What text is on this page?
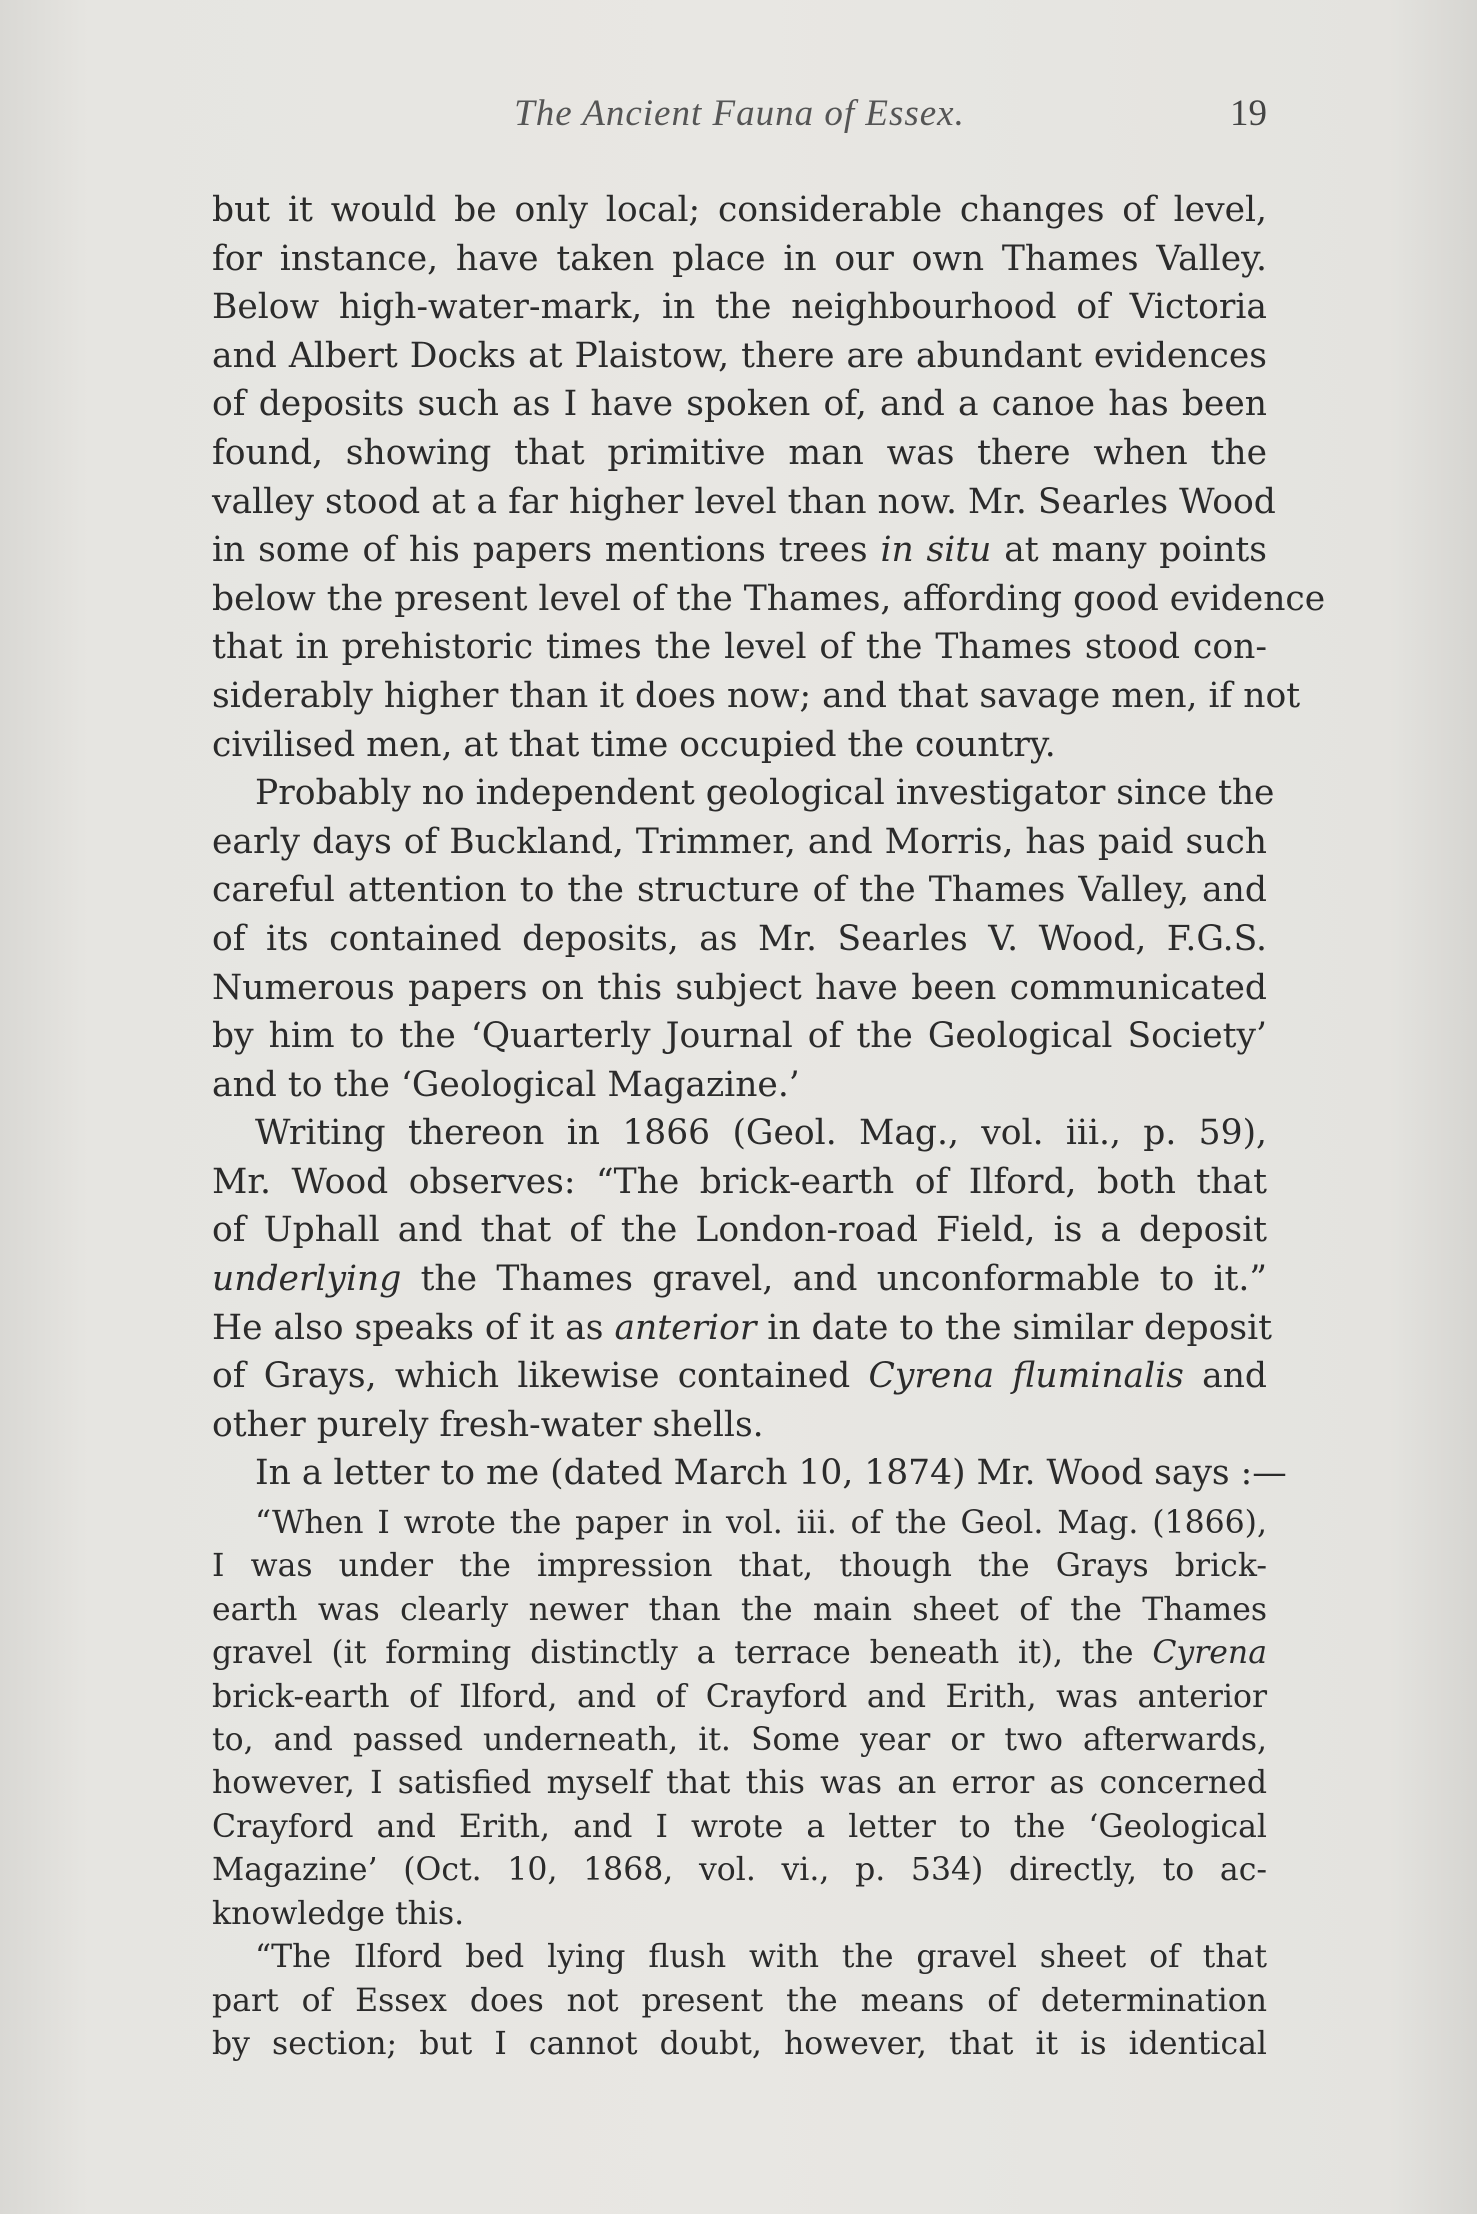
The Ancient Fauna of Essex.	19
but it would be only local; considerable changes of level,
for instance, have taken place in our own Thames Valley.
Below high-water-mark, in the neighbourhood of Victoria
and Albert Docks at Plaistow, there are abundant evidences
of deposits such as I have spoken of, and a canoe has been
found, showing that primitive man was there when the
valley stood at a far higher level than now. Mr. Searles Wood
in some of his papers mentions trees in situ at many points
below the present level of the Thames, affording good evidence
that in prehistoric times the level of the Thames stood con-
siderably higher than it does now; and that savage men, if not
civilised men, at that time occupied the country.
Probably no independent geological investigator since the
early days of Buckland, Trimmer, and Morris, has paid such
careful attention to the structure of the Thames Valley, and
of its contained deposits, as Mr. Searles V. Wood, F.G.S.
Numerous papers on this subject have been communicated
by him to the ‘Quarterly Journal of the Geological Society’
and to the ‘Geological Magazine.’
Writing thereon in 1866 (Geol. Mag., vol. iii., p. 59),
Mr. Wood observes: “The brick-earth of Ilford, both that
of Uphall and that of the London-road Field, is a deposit
underlying the Thames gravel, and unconformable to it.”
He also speaks of it as anterior in date to the similar deposit
of Grays, which likewise contained Cyrena fluminalis and
other purely fresh-water shells.
In a letter to me (dated March 10, 1874) Mr. Wood says :—
“When I wrote the paper in vol. iii. of the Geol. Mag. (1866),
I was under the impression that, though the Grays brick-
earth was clearly newer than the main sheet of the Thames
gravel (it forming distinctly a terrace beneath it), the Cyrena
brick-earth of Ilford, and of Crayford and Erith, was anterior
to, and passed underneath, it. Some year or two afterwards,
however, I satisfied myself that this was an error as concerned
Crayford and Erith, and I wrote a letter to the ‘Geological
Magazine’ (Oct. 10, 1868, vol. vi., p. 534) directly, to ac-
knowledge this.
“The Ilford bed lying flush with the gravel sheet of that
part of Essex does not present the means of determination
by section; but I cannot doubt, however, that it is identical
